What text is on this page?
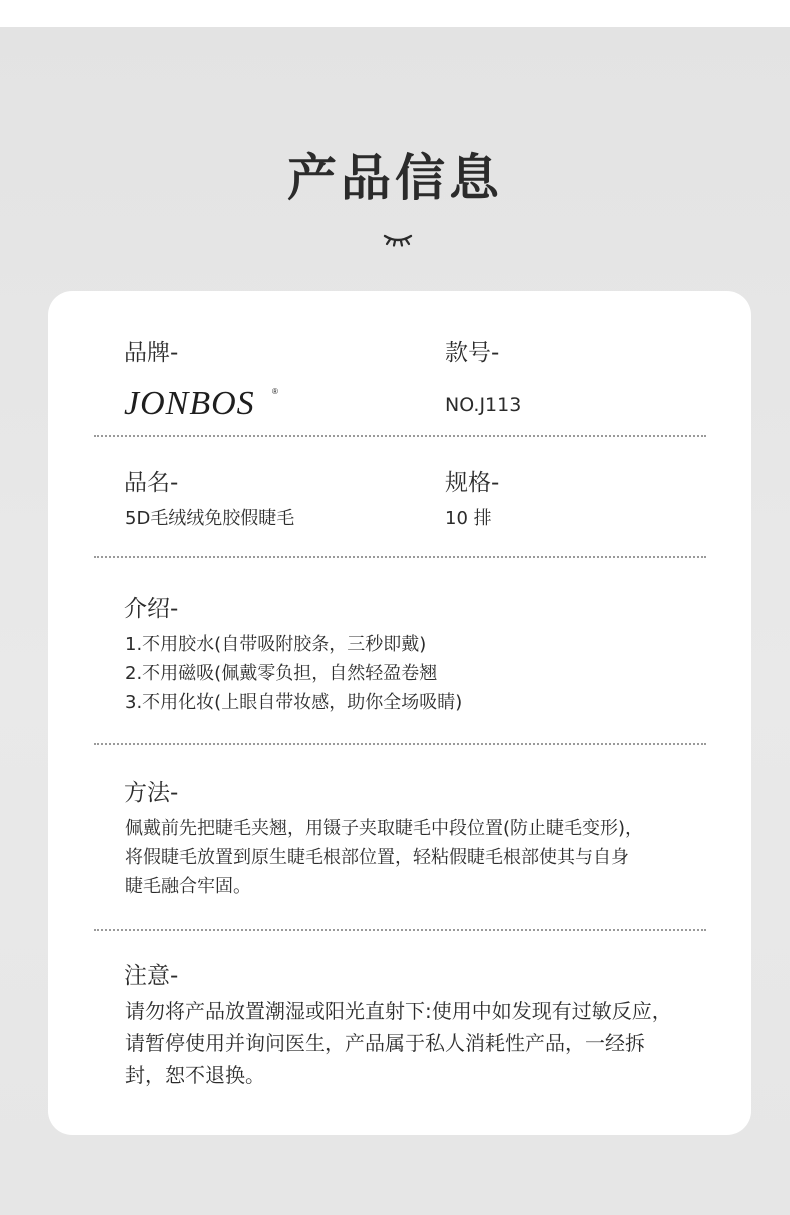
产品信息
品牌-
JONBOS ®
款号-
NO.J113
品名-
5D毛绒绒免胶假睫毛
规格-
10 排
介绍-
1.不用胶水(自带吸附胶条，三秒即戴)
2.不用磁吸(佩戴零负担，自然轻盈卷翘
3.不用化妆(上眼自带妆感，助你全场吸睛)
方法-
佩戴前先把睫毛夹翘，用镊子夹取睫毛中段位置(防止睫毛变形)，
将假睫毛放置到原生睫毛根部位置，轻粘假睫毛根部使其与自身
睫毛融合牢固。
注意-
请勿将产品放置潮湿或阳光直射下:使用中如发现有过敏反应，
请暂停使用并询问医生，产品属于私人消耗性产品，一经拆
封，恕不退换。
